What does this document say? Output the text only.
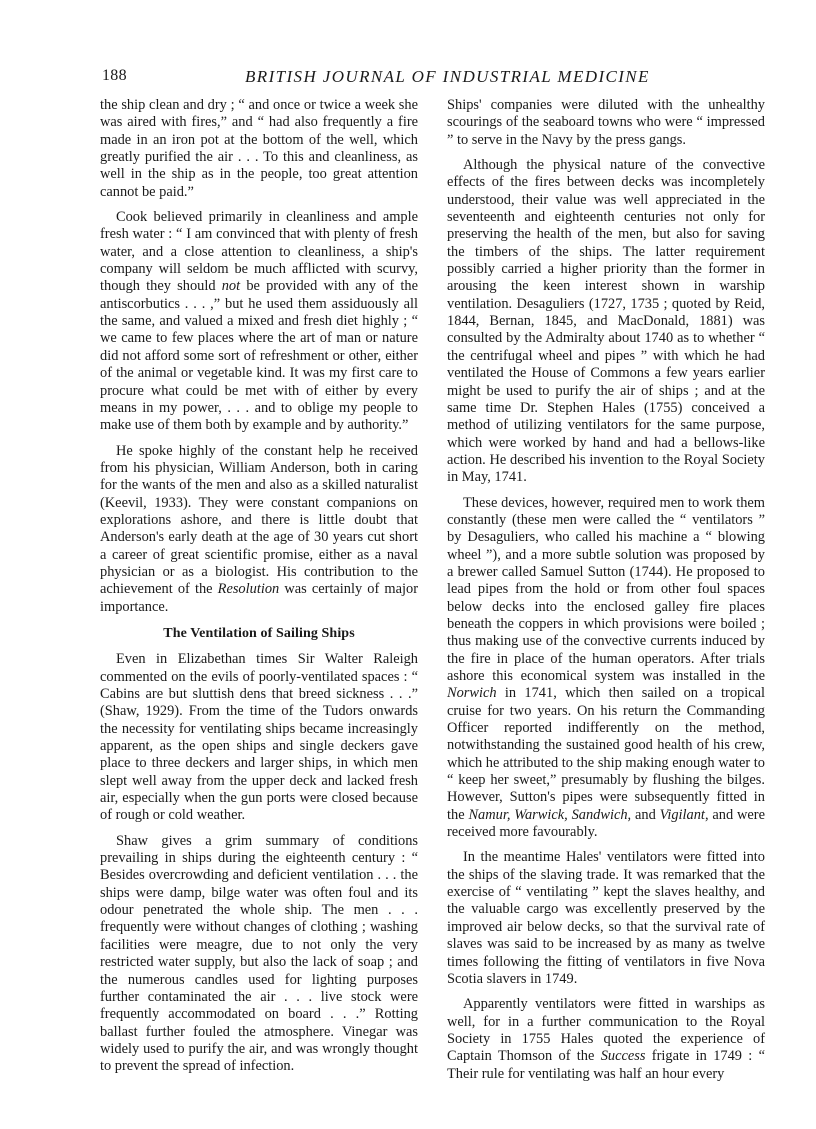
188	BRITISH JOURNAL OF INDUSTRIAL MEDICINE

the ship clean and dry ; “ and once or twice a week she was aired with fires,” and “ had also frequently a fire made in an iron pot at the bottom of the well, which greatly purified the air . . . To this and cleanliness, as well in the ship as in the people, too great attention cannot be paid.”

Cook believed primarily in cleanliness and ample fresh water : “ I am convinced that with plenty of fresh water, and a close attention to cleanliness, a ship's company will seldom be much afflicted with scurvy, though they should not be provided with any of the antiscorbutics . . . ,” but he used them assiduously all the same, and valued a mixed and fresh diet highly ; “ we came to few places where the art of man or nature did not afford some sort of refreshment or other, either of the animal or vegetable kind. It was my first care to procure what could be met with of either by every means in my power, . . . and to oblige my people to make use of them both by example and by authority.”

He spoke highly of the constant help he received from his physician, William Anderson, both in caring for the wants of the men and also as a skilled naturalist (Keevil, 1933). They were constant companions on explorations ashore, and there is little doubt that Anderson's early death at the age of 30 years cut short a career of great scientific promise, either as a naval physician or as a biologist. His contribution to the achievement of the Resolution was certainly of major importance.

The Ventilation of Sailing Ships

Even in Elizabethan times Sir Walter Raleigh commented on the evils of poorly-ventilated spaces : “ Cabins are but sluttish dens that breed sickness . . .” (Shaw, 1929). From the time of the Tudors onwards the necessity for ventilating ships became increasingly apparent, as the open ships and single deckers gave place to three deckers and larger ships, in which men slept well away from the upper deck and lacked fresh air, especially when the gun ports were closed because of rough or cold weather.

Shaw gives a grim summary of conditions prevailing in ships during the eighteenth century : “ Besides overcrowding and deficient ventilation . . . the ships were damp, bilge water was often foul and its odour penetrated the whole ship. The men . . . frequently were without changes of clothing ; washing facilities were meagre, due to not only the very restricted water supply, but also the lack of soap ; and the numerous candles used for lighting purposes further contaminated the air . . . live stock were frequently accommodated on board . . .” Rotting ballast further fouled the atmosphere. Vinegar was widely used to purify the air, and was wrongly thought to prevent the spread of infection.

Ships' companies were diluted with the unhealthy scourings of the seaboard towns who were “ impressed ” to serve in the Navy by the press gangs.

Although the physical nature of the convective effects of the fires between decks was incompletely understood, their value was well appreciated in the seventeenth and eighteenth centuries not only for preserving the health of the men, but also for saving the timbers of the ships. The latter requirement possibly carried a higher priority than the former in arousing the keen interest shown in warship ventilation. Desaguliers (1727, 1735 ; quoted by Reid, 1844, Bernan, 1845, and MacDonald, 1881) was consulted by the Admiralty about 1740 as to whether “ the centrifugal wheel and pipes ” with which he had ventilated the House of Commons a few years earlier might be used to purify the air of ships ; and at the same time Dr. Stephen Hales (1755) conceived a method of utilizing ventilators for the same purpose, which were worked by hand and had a bellows-like action. He described his invention to the Royal Society in May, 1741.

These devices, however, required men to work them constantly (these men were called the “ ventilators ” by Desaguliers, who called his machine a “ blowing wheel ”), and a more subtle solution was proposed by a brewer called Samuel Sutton (1744). He proposed to lead pipes from the hold or from other foul spaces below decks into the enclosed galley fire places beneath the coppers in which provisions were boiled ; thus making use of the convective currents induced by the fire in place of the human operators. After trials ashore this economical system was installed in the Norwich in 1741, which then sailed on a tropical cruise for two years. On his return the Commanding Officer reported indifferently on the method, notwithstanding the sustained good health of his crew, which he attributed to the ship making enough water to “ keep her sweet,” presumably by flushing the bilges. However, Sutton's pipes were subsequently fitted in the Namur, Warwick, Sandwich, and Vigilant, and were received more favourably.

In the meantime Hales' ventilators were fitted into the ships of the slaving trade. It was remarked that the exercise of “ ventilating ” kept the slaves healthy, and the valuable cargo was excellently preserved by the improved air below decks, so that the survival rate of slaves was said to be increased by as many as twelve times following the fitting of ventilators in five Nova Scotia slavers in 1749.

Apparently ventilators were fitted in warships as well, for in a further communication to the Royal Society in 1755 Hales quoted the experience of Captain Thomson of the Success frigate in 1749 : “ Their rule for ventilating was half an hour every
